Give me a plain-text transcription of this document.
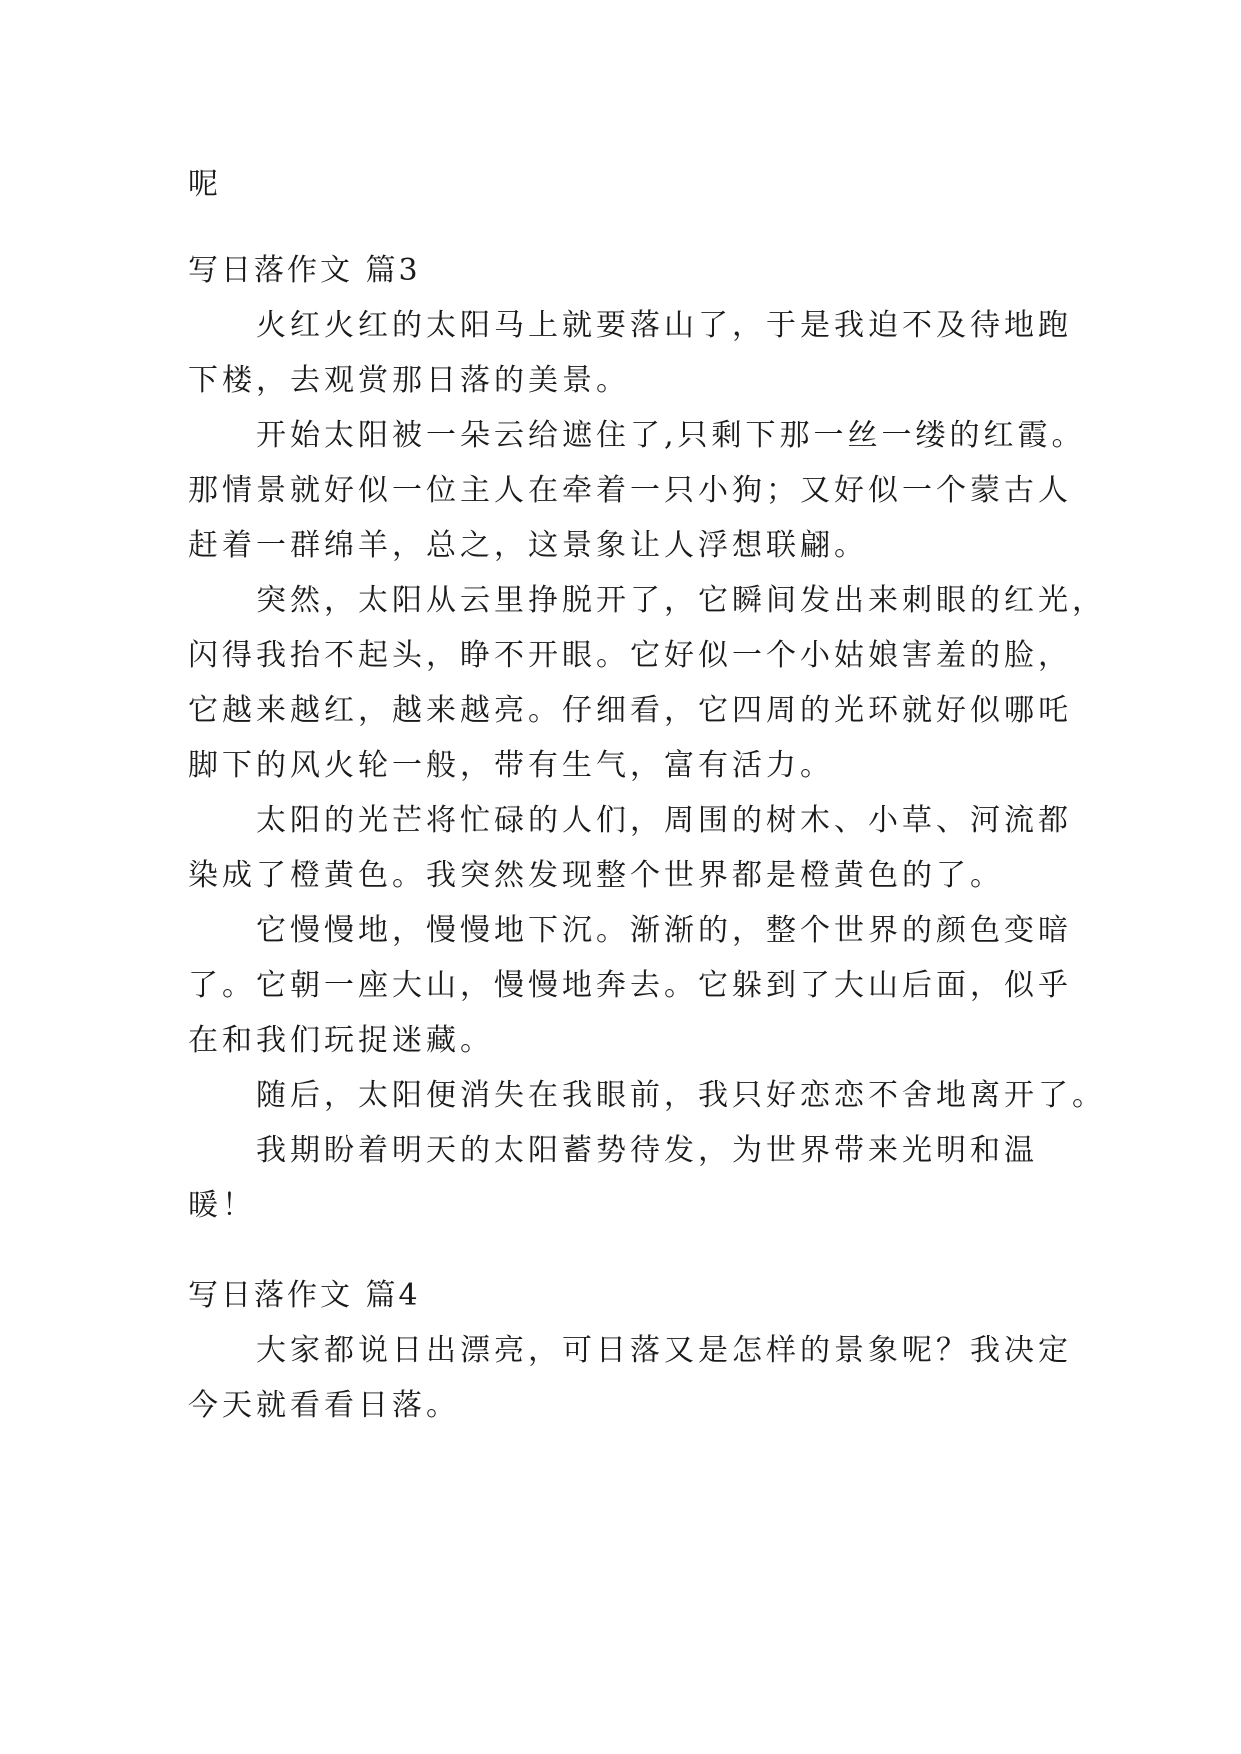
呢
写日落作文 篇3
火红火红的太阳马上就要落山了，于是我迫不及待地跑
下楼，去观赏那日落的美景。
开始太阳被一朵云给遮住了,只剩下那一丝一缕的红霞。
那情景就好似一位主人在牵着一只小狗；又好似一个蒙古人
赶着一群绵羊，总之，这景象让人浮想联翩。
突然，太阳从云里挣脱开了，它瞬间发出来刺眼的红光，
闪得我抬不起头，睁不开眼。它好似一个小姑娘害羞的脸，
它越来越红，越来越亮。仔细看，它四周的光环就好似哪吒
脚下的风火轮一般，带有生气，富有活力。
太阳的光芒将忙碌的人们，周围的树木、小草、河流都
染成了橙黄色。我突然发现整个世界都是橙黄色的了。
它慢慢地，慢慢地下沉。渐渐的，整个世界的颜色变暗
了。它朝一座大山，慢慢地奔去。它躲到了大山后面，似乎
在和我们玩捉迷藏。
随后，太阳便消失在我眼前，我只好恋恋不舍地离开了。
我期盼着明天的太阳蓄势待发，为世界带来光明和温
暖！
写日落作文 篇4
大家都说日出漂亮，可日落又是怎样的景象呢？我决定
今天就看看日落。
